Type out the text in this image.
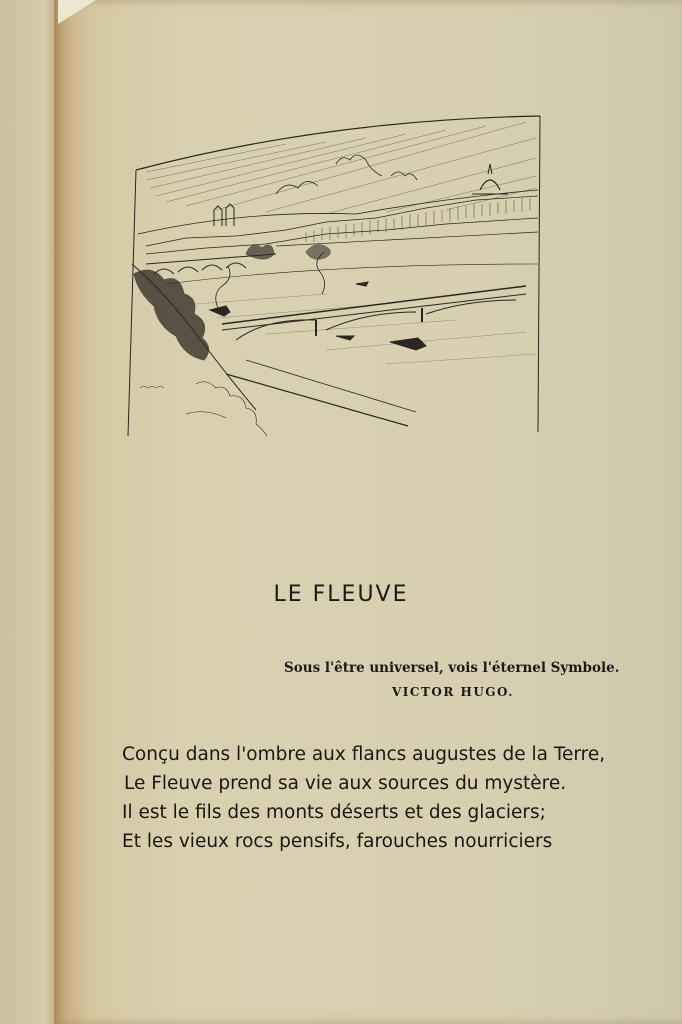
LE FLEUVE
Sous l'être universel, vois l'éternel Symbole.
VICTOR HUGO.
Conçu dans l'ombre aux flancs augustes de la Terre,
Le Fleuve prend sa vie aux sources du mystère.
Il est le fils des monts déserts et des glaciers;
Et les vieux rocs pensifs, farouches nourriciers
